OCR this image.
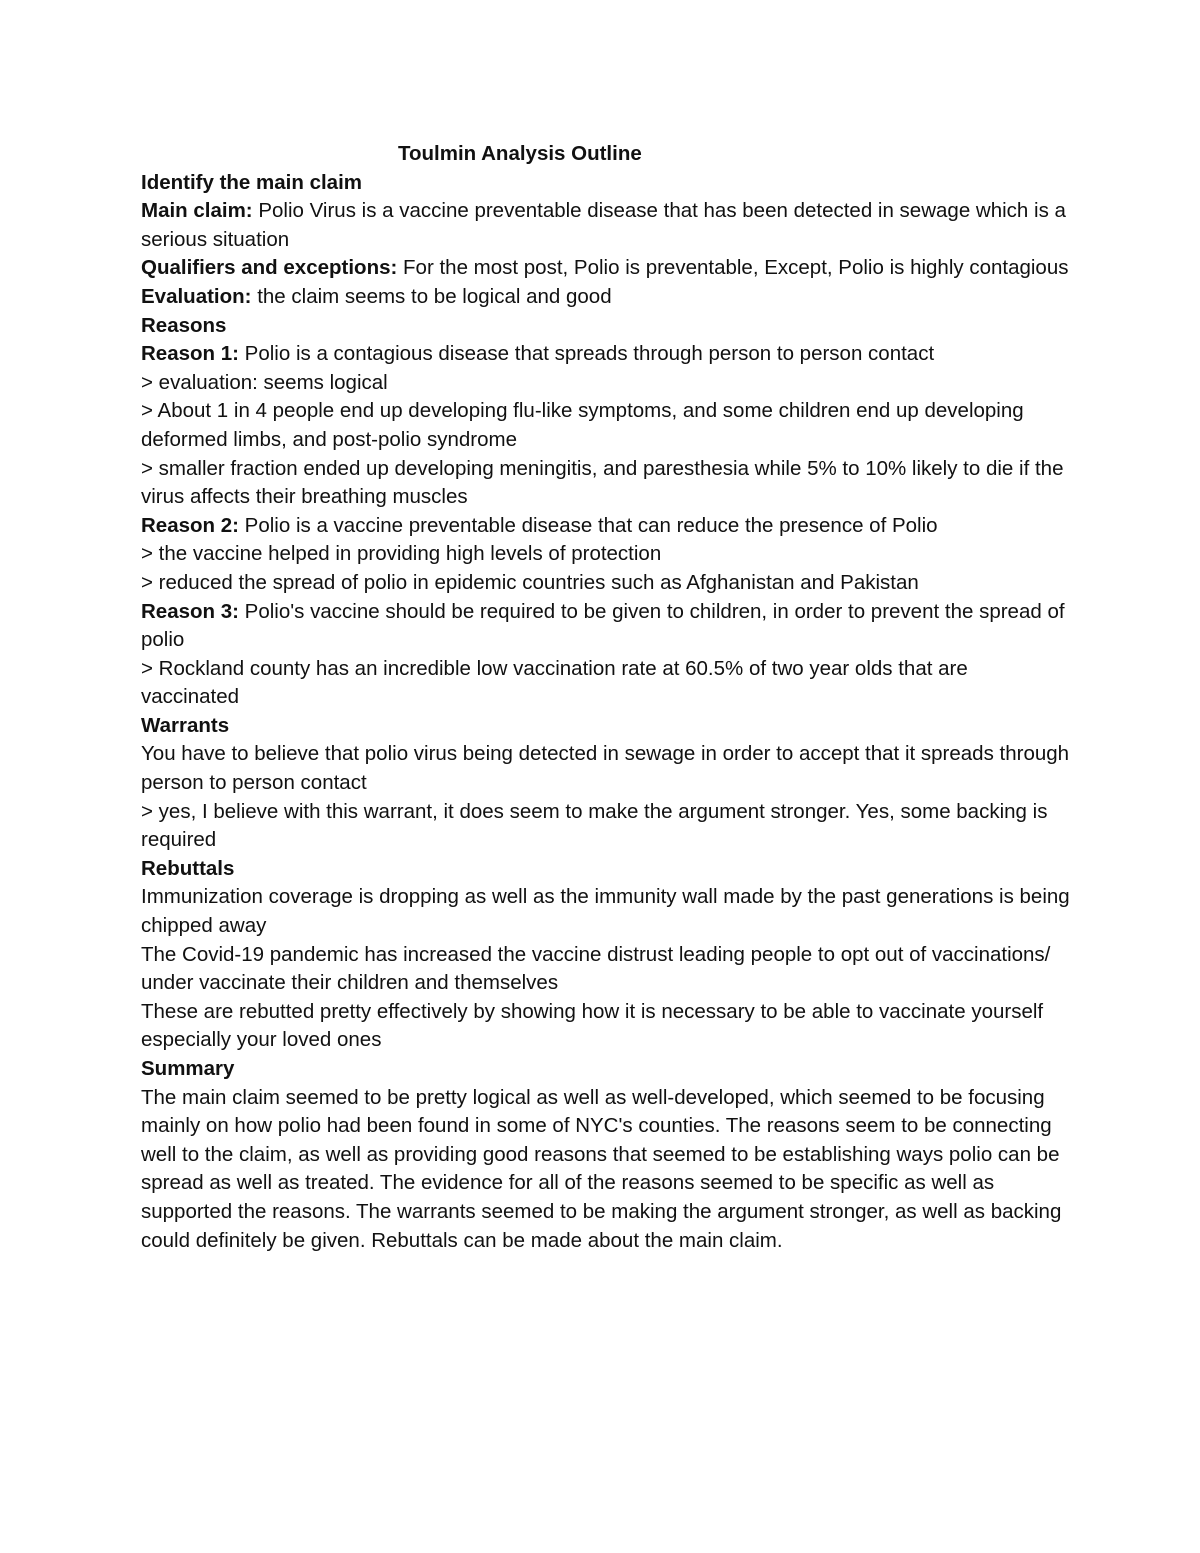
Toulmin Analysis Outline
Identify the main claim

Main claim: Polio Virus is a vaccine preventable disease that has been detected in sewage which is a serious situation

Qualifiers and exceptions: For the most post, Polio is preventable, Except, Polio is highly contagious

Evaluation: the claim seems to be logical and good

Reasons

Reason 1: Polio is a contagious disease that spreads through person to person contact

> evaluation: seems logical

> About 1 in 4 people end up developing flu-like symptoms, and some children end up developing deformed limbs, and post-polio syndrome

> smaller fraction ended up developing meningitis, and paresthesia while 5% to 10% likely to die if the virus affects their breathing muscles

Reason 2: Polio is a vaccine preventable disease that can reduce the presence of Polio

> the vaccine helped in providing high levels of protection

> reduced the spread of polio in epidemic countries such as Afghanistan and Pakistan

Reason 3: Polio's vaccine should be required to be given to children, in order to prevent the spread of polio

> Rockland county has an incredible low vaccination rate at 60.5% of two year olds that are vaccinated

Warrants

You have to believe that polio virus being detected in sewage in order to accept that it spreads through person to person contact

> yes, I believe with this warrant, it does seem to make the argument stronger. Yes, some backing is required

Rebuttals

Immunization coverage is dropping as well as the immunity wall made by the past generations is being chipped away

The Covid-19 pandemic has increased the vaccine distrust leading people to opt out of vaccinations/ under vaccinate their children and themselves

These are rebutted pretty effectively by showing how it is necessary to be able to vaccinate yourself especially your loved ones

Summary

The main claim seemed to be pretty logical as well as well-developed, which seemed to be focusing mainly on how polio had been found in some of NYC's counties. The reasons seem to be connecting well to the claim, as well as providing good reasons that seemed to be establishing ways polio can be spread as well as treated. The evidence for all of the reasons seemed to be specific as well as supported the reasons. The warrants seemed to be making the argument stronger, as well as backing could definitely be given. Rebuttals can be made about the main claim.
